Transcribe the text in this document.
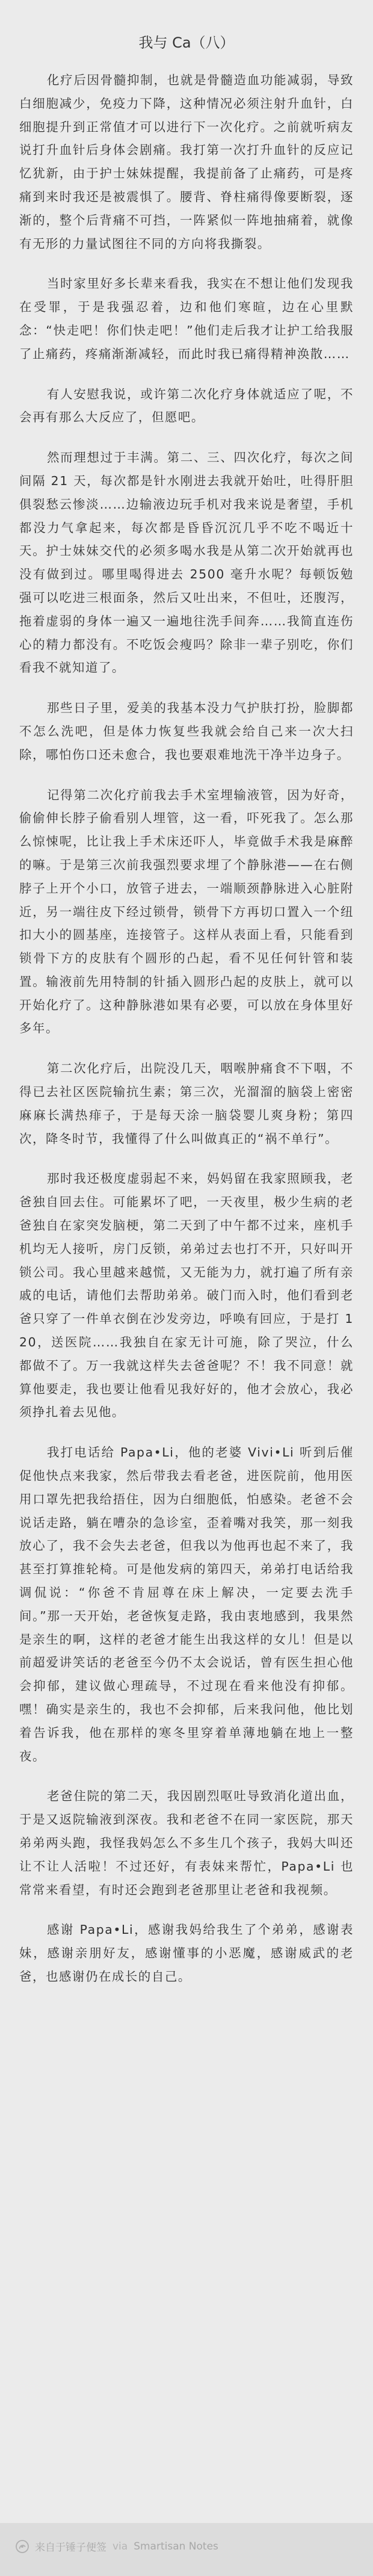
我与 Ca（八）

化疗后因骨髓抑制，也就是骨髓造血功能减弱，导致白细胞减少，免疫力下降，这种情况必须注射升血针，白细胞提升到正常值才可以进行下一次化疗。之前就听病友说打升血针后身体会剧痛。我打第一次打升血针的反应记忆犹新，由于护士妹妹提醒，我提前备了止痛药，可是疼痛到来时我还是被震惧了。腰背、脊柱痛得像要断裂，逐渐的，整个后背痛不可挡，一阵紧似一阵地抽痛着，就像有无形的力量试图往不同的方向将我撕裂。

当时家里好多长辈来看我，我实在不想让他们发现我在受罪，于是我强忍着，边和他们寒暄，边在心里默念：“快走吧！你们快走吧！”他们走后我才让护工给我服了止痛药，疼痛渐渐减轻，而此时我已痛得精神涣散……

有人安慰我说，或许第二次化疗身体就适应了呢，不会再有那么大反应了，但愿吧。

然而理想过于丰满。第二、三、四次化疗，每次之间间隔 21 天，每次都是针水刚进去我就开始吐，吐得肝胆俱裂愁云惨淡……边输液边玩手机对我来说是奢望，手机都没力气拿起来，每次都是昏昏沉沉几乎不吃不喝近十天。护士妹妹交代的必须多喝水我是从第二次开始就再也没有做到过。哪里喝得进去 2500 毫升水呢？每顿饭勉强可以吃进三根面条，然后又吐出来，不但吐，还腹泻，拖着虚弱的身体一遍又一遍地往洗手间奔……我简直连伤心的精力都没有。不吃饭会瘦吗？除非一辈子别吃，你们看我不就知道了。

那些日子里，爱美的我基本没力气护肤打扮，脸脚都不怎么洗吧，但是体力恢复些我就会给自己来一次大扫除，哪怕伤口还未愈合，我也要艰难地洗干净半边身子。

记得第二次化疗前我去手术室埋输液管，因为好奇，偷偷伸长脖子偷看别人埋管，这一看，吓死我了。怎么那么惊悚呢，比让我上手术床还吓人，毕竟做手术我是麻醉的嘛。于是第三次前我强烈要求埋了个静脉港——在右侧脖子上开个小口，放管子进去，一端顺颈静脉进入心脏附近，另一端往皮下经过锁骨，锁骨下方再切口置入一个纽扣大小的圆基座，连接管子。这样从表面上看，只能看到锁骨下方的皮肤有个圆形的凸起，看不见任何针管和装置。输液前先用特制的针插入圆形凸起的皮肤上，就可以开始化疗了。这种静脉港如果有必要，可以放在身体里好多年。

第二次化疗后，出院没几天，咽喉肿痛食不下咽，不得已去社区医院输抗生素；第三次，光溜溜的脑袋上密密麻麻长满热痱子，于是每天涂一脑袋婴儿爽身粉；第四次，降冬时节，我懂得了什么叫做真正的“祸不单行”。

那时我还极度虚弱起不来，妈妈留在我家照顾我，老爸独自回去住。可能累坏了吧，一天夜里，极少生病的老爸独自在家突发脑梗，第二天到了中午都不过来，座机手机均无人接听，房门反锁，弟弟过去也打不开，只好叫开锁公司。我心里越来越慌，又无能为力，就打遍了所有亲戚的电话，请他们去帮助弟弟。破门而入时，他们看到老爸只穿了一件单衣倒在沙发旁边，呼唤有回应，于是打 120，送医院……我独自在家无计可施，除了哭泣，什么都做不了。万一我就这样失去爸爸呢？不！我不同意！就算他要走，我也要让他看见我好好的，他才会放心，我必须挣扎着去见他。

我打电话给 Papa•Li，他的老婆 Vivi•Li 听到后催促他快点来我家，然后带我去看老爸，进医院前，他用医用口罩先把我给捂住，因为白细胞低，怕感染。老爸不会说话走路，躺在嘈杂的急诊室，歪着嘴对我笑，那一刻我放心了，我不会失去老爸，但我以为他再也起不来了，我甚至打算推轮椅。可是他发病的第四天，弟弟打电话给我调侃说：“你爸不肯屈尊在床上解决，一定要去洗手间。”那一天开始，老爸恢复走路，我由衷地感到，我果然是亲生的啊，这样的老爸才能生出我这样的女儿！但是以前超爱讲笑话的老爸至今仍不太会说话，曾有医生担心他会抑郁，建议做心理疏导，不过现在看来他没有抑郁。嘿！确实是亲生的，我也不会抑郁，后来我问他，他比划着告诉我，他在那样的寒冬里穿着单薄地躺在地上一整夜。

老爸住院的第二天，我因剧烈呕吐导致消化道出血，于是又返院输液到深夜。我和老爸不在同一家医院，那天弟弟两头跑，我怪我妈怎么不多生几个孩子，我妈大叫还让不让人活啦！不过还好，有表妹来帮忙，Papa•Li 也常常来看望，有时还会跑到老爸那里让老爸和我视频。

感谢 Papa•Li，感谢我妈给我生了个弟弟，感谢表妹，感谢亲朋好友，感谢懂事的小恶魔，感谢威武的老爸，也感谢仍在成长的自己。

来自于锤子便签 via Smartisan Notes
